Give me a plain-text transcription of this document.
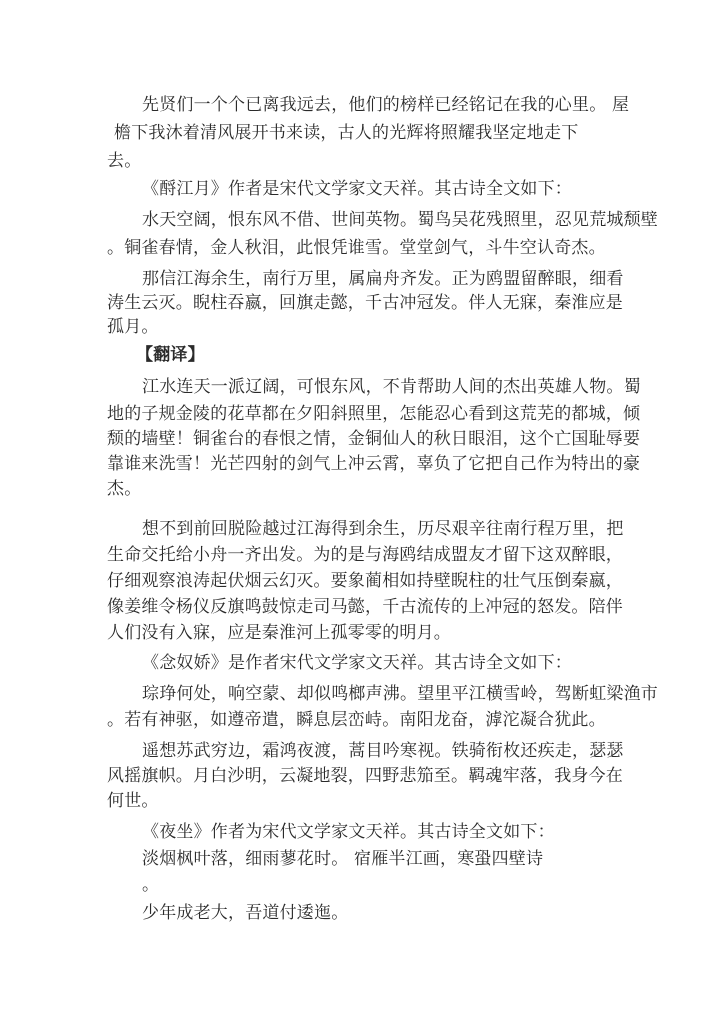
先贤们一个个已离我远去，他们的榜样已经铭记在我的心里。 屋

檐下我沐着清风展开书来读，古人的光辉将照耀我坚定地走下

去。

《酹江月》作者是宋代文学家文天祥。其古诗全文如下：

水天空阔，恨东风不借、世间英物。蜀鸟吴花残照里，忍见荒城颓壁

。铜雀春情，金人秋泪，此恨凭谁雪。堂堂剑气，斗牛空认奇杰。

那信江海余生，南行万里，属扁舟齐发。正为鸥盟留醉眼，细看

涛生云灭。睨柱吞嬴，回旗走懿，千古冲冠发。伴人无寐，秦淮应是

孤月。

【翻译】

江水连天一派辽阔，可恨东风，不肯帮助人间的杰出英雄人物。蜀

地的子规金陵的花草都在夕阳斜照里，怎能忍心看到这荒芜的都城，倾

颓的墙壁！铜雀台的春恨之情，金铜仙人的秋日眼泪，这个亡国耻辱要

靠谁来洗雪！光芒四射的剑气上冲云霄，辜负了它把自己作为特出的豪

杰。

想不到前回脱险越过江海得到余生，历尽艰辛往南行程万里，把

生命交托给小舟一齐出发。为的是与海鸥结成盟友才留下这双醉眼，

仔细观察浪涛起伏烟云幻灭。要象蔺相如持壁睨柱的壮气压倒秦嬴，

像姜维令杨仪反旗鸣鼓惊走司马懿，千古流传的上冲冠的怒发。陪伴

人们没有入寐，应是秦淮河上孤零零的明月。

《念奴娇》是作者宋代文学家文天祥。其古诗全文如下：

琮琤何处，响空蒙、却似鸣榔声沸。望里平江横雪岭，驾断虹梁渔市

。若有神驱，如遵帝遣，瞬息层峦峙。南阳龙奋，滹沱凝合犹此。

遥想苏武穷边，霜鸿夜渡，蒿目吟寒视。铁骑衔枚还疾走，瑟瑟

风摇旗帜。月白沙明，云凝地裂，四野悲笳至。羁魂牢落，我身今在

何世。

《夜坐》作者为宋代文学家文天祥。其古诗全文如下：

淡烟枫叶落，细雨蓼花时。 宿雁半江画，寒蛩四壁诗

。

少年成老大，吾道付逶迤。
